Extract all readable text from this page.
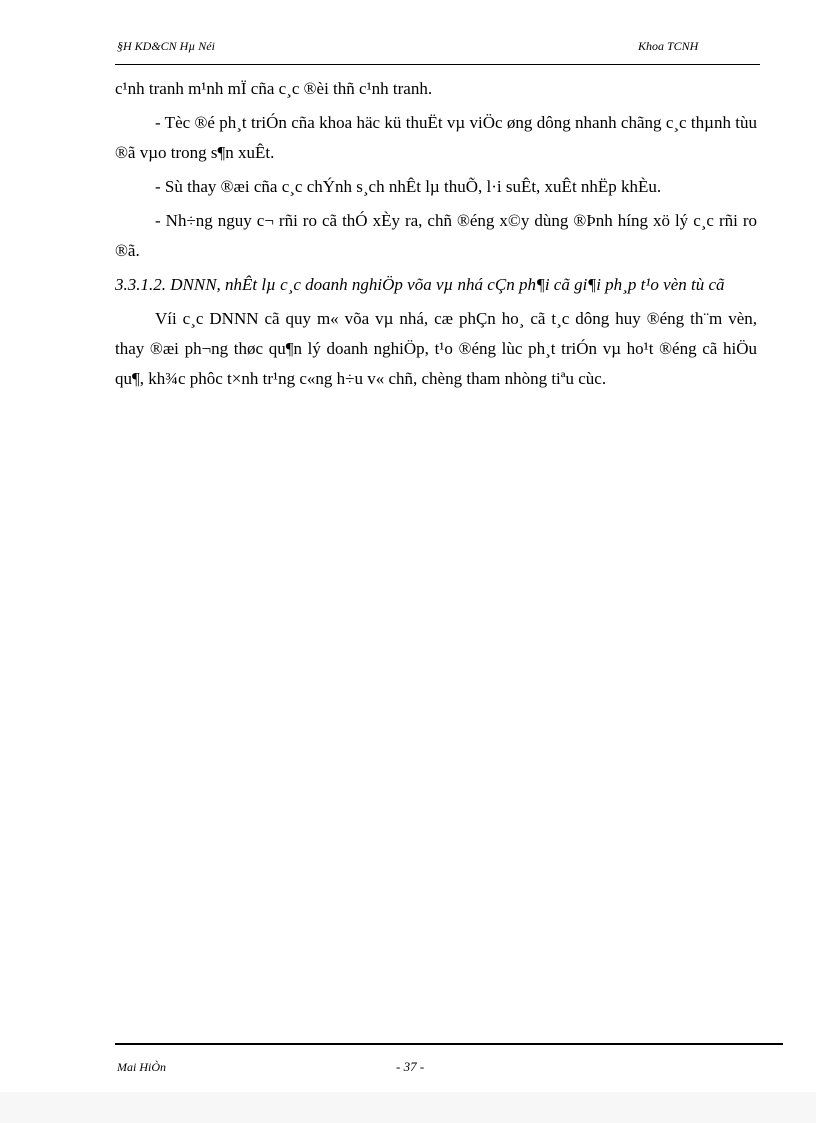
§H KD&CN Hµ Néi	Khoa TCNH

c¹nh tranh m¹nh mÏ cña c¸c ®èi thñ c¹nh tranh.

- Tèc ®é ph¸t triÓn cña khoa häc kü thuËt vµ viÖc øng dông nhanh chãng c¸c thµnh tùu ®ã vµo trong s¶n xuÊt.

- Sù thay ®æi cña c¸c chÝnh s¸ch nhÊt lµ thuÕ, l·i suÊt, xuÊt nhËp khÈu.

- Nh÷ng nguy c¬ rñi ro cã thÓ xÈy ra, chñ ®éng x©y dùng ®Þnh híng xö lý c¸c rñi ro ®ã.

3.3.1.2. DNNN, nhÊt lµ c¸c doanh nghiÖp võa vµ nhá cÇn ph¶i cã gi¶i ph¸p t¹o vèn tù cã

Víi c¸c DNNN cã quy m« võa vµ nhá, cæ phÇn ho¸ cã t¸c dông huy ®éng th¨m vèn, thay ®æi ph¬ng thøc qu¶n lý doanh nghiÖp, t¹o ®éng lùc ph¸t triÓn vµ ho¹t ®éng cã hiÖu qu¶, kh¾c phôc t×nh tr¹ng c«ng h÷u v« chñ, chèng tham nhòng tiªu cùc.

Mai HiÒn	- 37 -
